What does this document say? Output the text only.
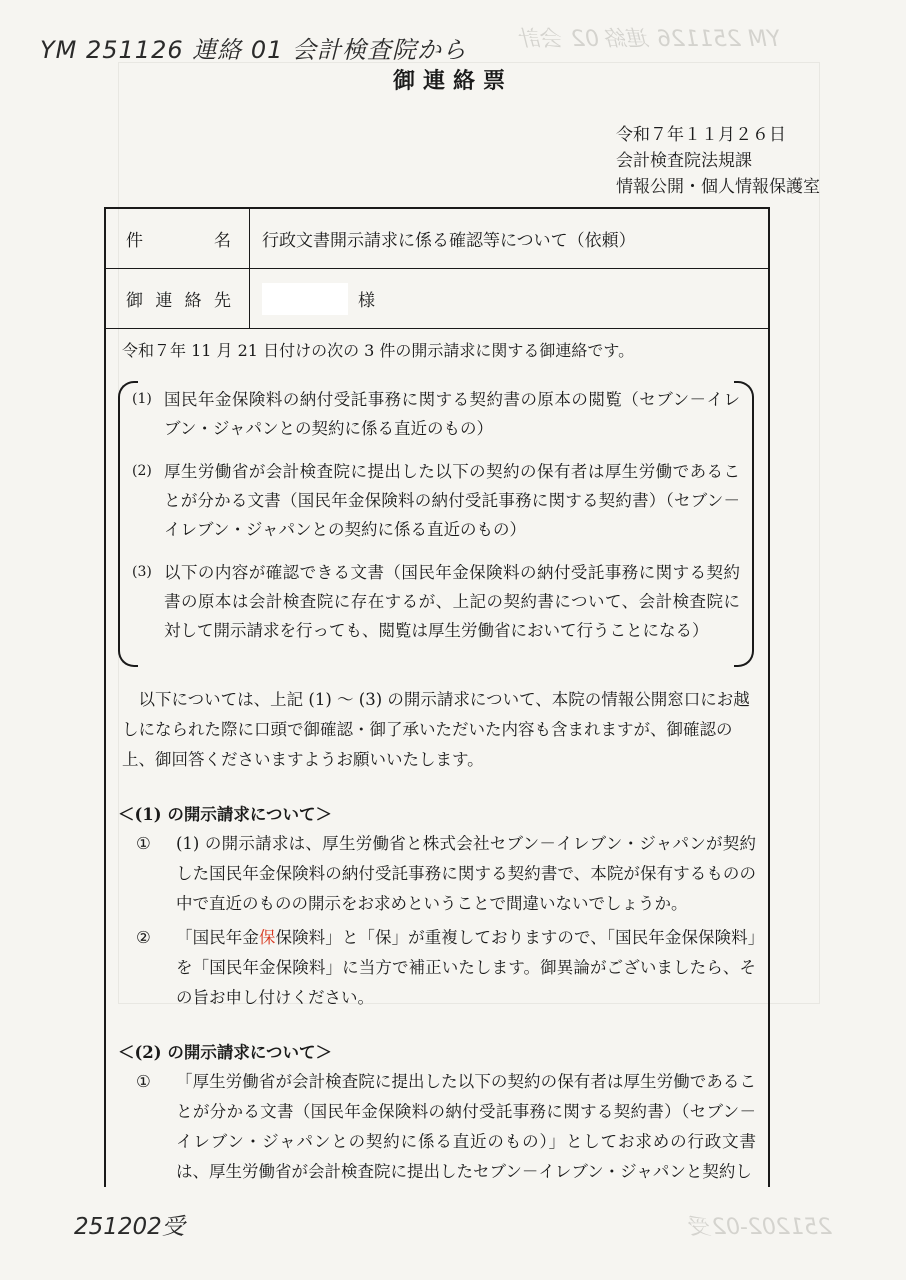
YM 251126 連絡 01 会計検査院から YM 251126 連絡 02 会計
御連絡票
令和７年１１月２６日
会計検査院法規課
情報公開・個人情報保護室
件	名	行政文書開示請求に係る確認等について（依頼）
御 連 絡 先	様
令和７年 11 月 21 日付けの次の 3 件の開示請求に関する御連絡です。
(1) 国民年金保険料の納付受託事務に関する契約書の原本の閲覧（セブン－イレブン・ジャパンとの契約に係る直近のもの）
(2) 厚生労働省が会計検査院に提出した以下の契約の保有者は厚生労働であることが分かる文書（国民年金保険料の納付受託事務に関する契約書）（セブン－イレブン・ジャパンとの契約に係る直近のもの）
(3) 以下の内容が確認できる文書（国民年金保険料の納付受託事務に関する契約書の原本は会計検査院に存在するが、上記の契約書について、会計検査院に対して開示請求を行っても、閲覧は厚生労働省において行うことになる）
以下については、上記 (1) ～ (3) の開示請求について、本院の情報公開窓口にお越しになられた際に口頭で御確認・御了承いただいた内容も含まれますが、御確認の上、御回答くださいますようお願いいたします。
＜(1) の開示請求について＞
①	(1) の開示請求は、厚生労働省と株式会社セブン－イレブン・ジャパンが契約した国民年金保険料の納付受託事務に関する契約書で、本院が保有するものの中で直近のものの開示をお求めということで間違いないでしょうか。
②	「国民年金保保険料」と「保」が重複しておりますので、「国民年金保保険料」を「国民年金保険料」に当方で補正いたします。御異論がございましたら、その旨お申し付けください。
＜(2) の開示請求について＞
①	「厚生労働省が会計検査院に提出した以下の契約の保有者は厚生労働であることが分かる文書（国民年金保険料の納付受託事務に関する契約書）（セブン－イレブン・ジャパンとの契約に係る直近のもの）」としてお求めの行政文書は、厚生労働省が会計検査院に提出したセブン－イレブン・ジャパンと契約し
251202受	251202-02受
